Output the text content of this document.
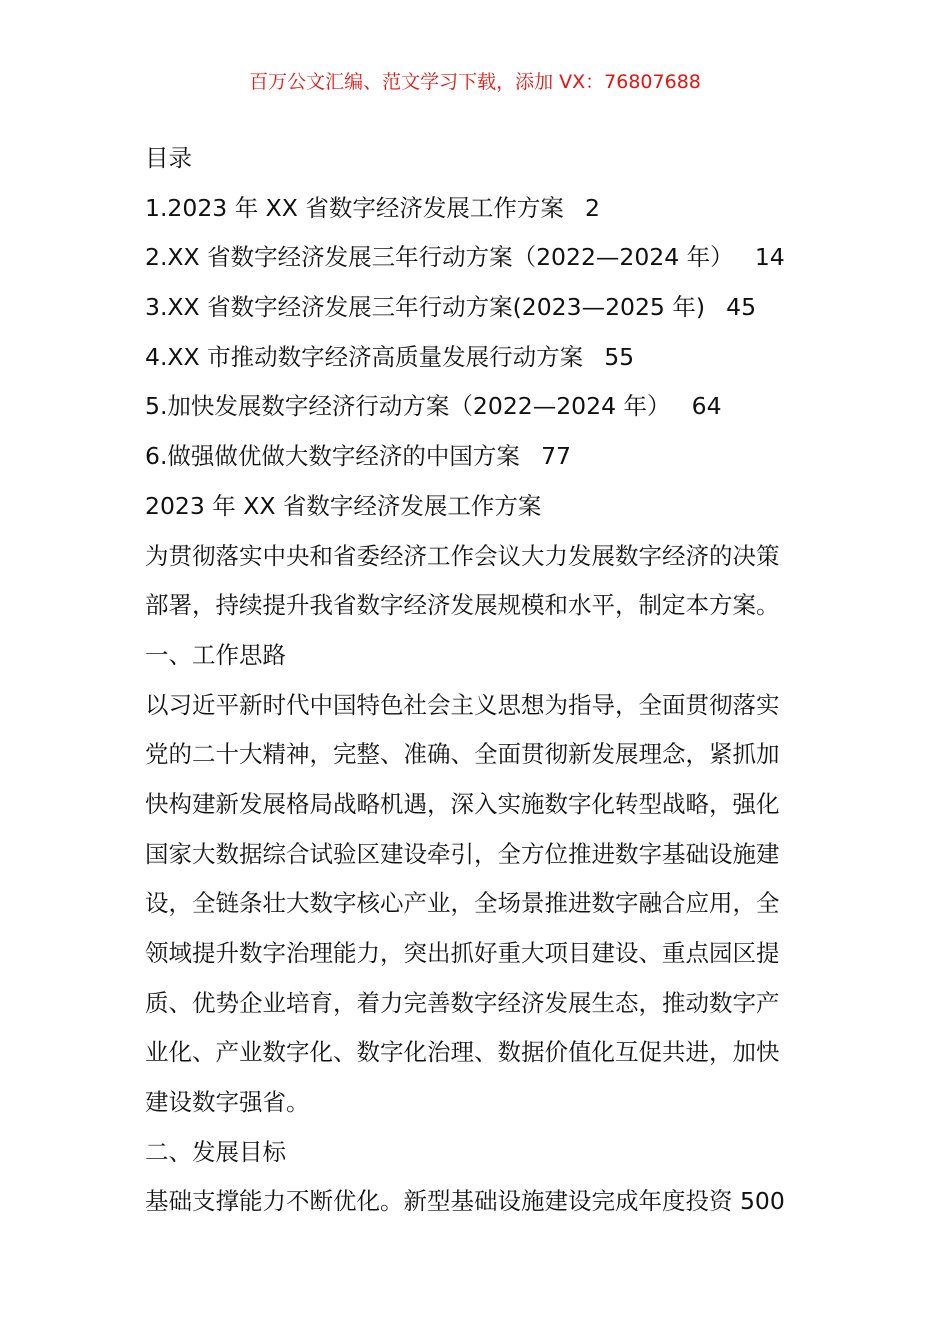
百万公文汇编、范文学习下载，添加 VX：76807688
目录
1.2023 年 XX 省数字经济发展工作方案 2
2.XX 省数字经济发展三年行动方案（2022—2024 年） 14
3.XX 省数字经济发展三年行动方案(2023—2025 年) 45
4.XX 市推动数字经济高质量发展行动方案 55
5.加快发展数字经济行动方案（2022—2024 年） 64
6.做强做优做大数字经济的中国方案 77
2023 年 XX 省数字经济发展工作方案
为贯彻落实中央和省委经济工作会议大力发展数字经济的决策
部署，持续提升我省数字经济发展规模和水平，制定本方案。
一、工作思路
以习近平新时代中国特色社会主义思想为指导，全面贯彻落实
党的二十大精神，完整、准确、全面贯彻新发展理念，紧抓加
快构建新发展格局战略机遇，深入实施数字化转型战略，强化
国家大数据综合试验区建设牵引，全方位推进数字基础设施建
设，全链条壮大数字核心产业，全场景推进数字融合应用，全
领域提升数字治理能力，突出抓好重大项目建设、重点园区提
质、优势企业培育，着力完善数字经济发展生态，推动数字产
业化、产业数字化、数字化治理、数据价值化互促共进，加快
建设数字强省。
二、发展目标
基础支撑能力不断优化。新型基础设施建设完成年度投资 500
